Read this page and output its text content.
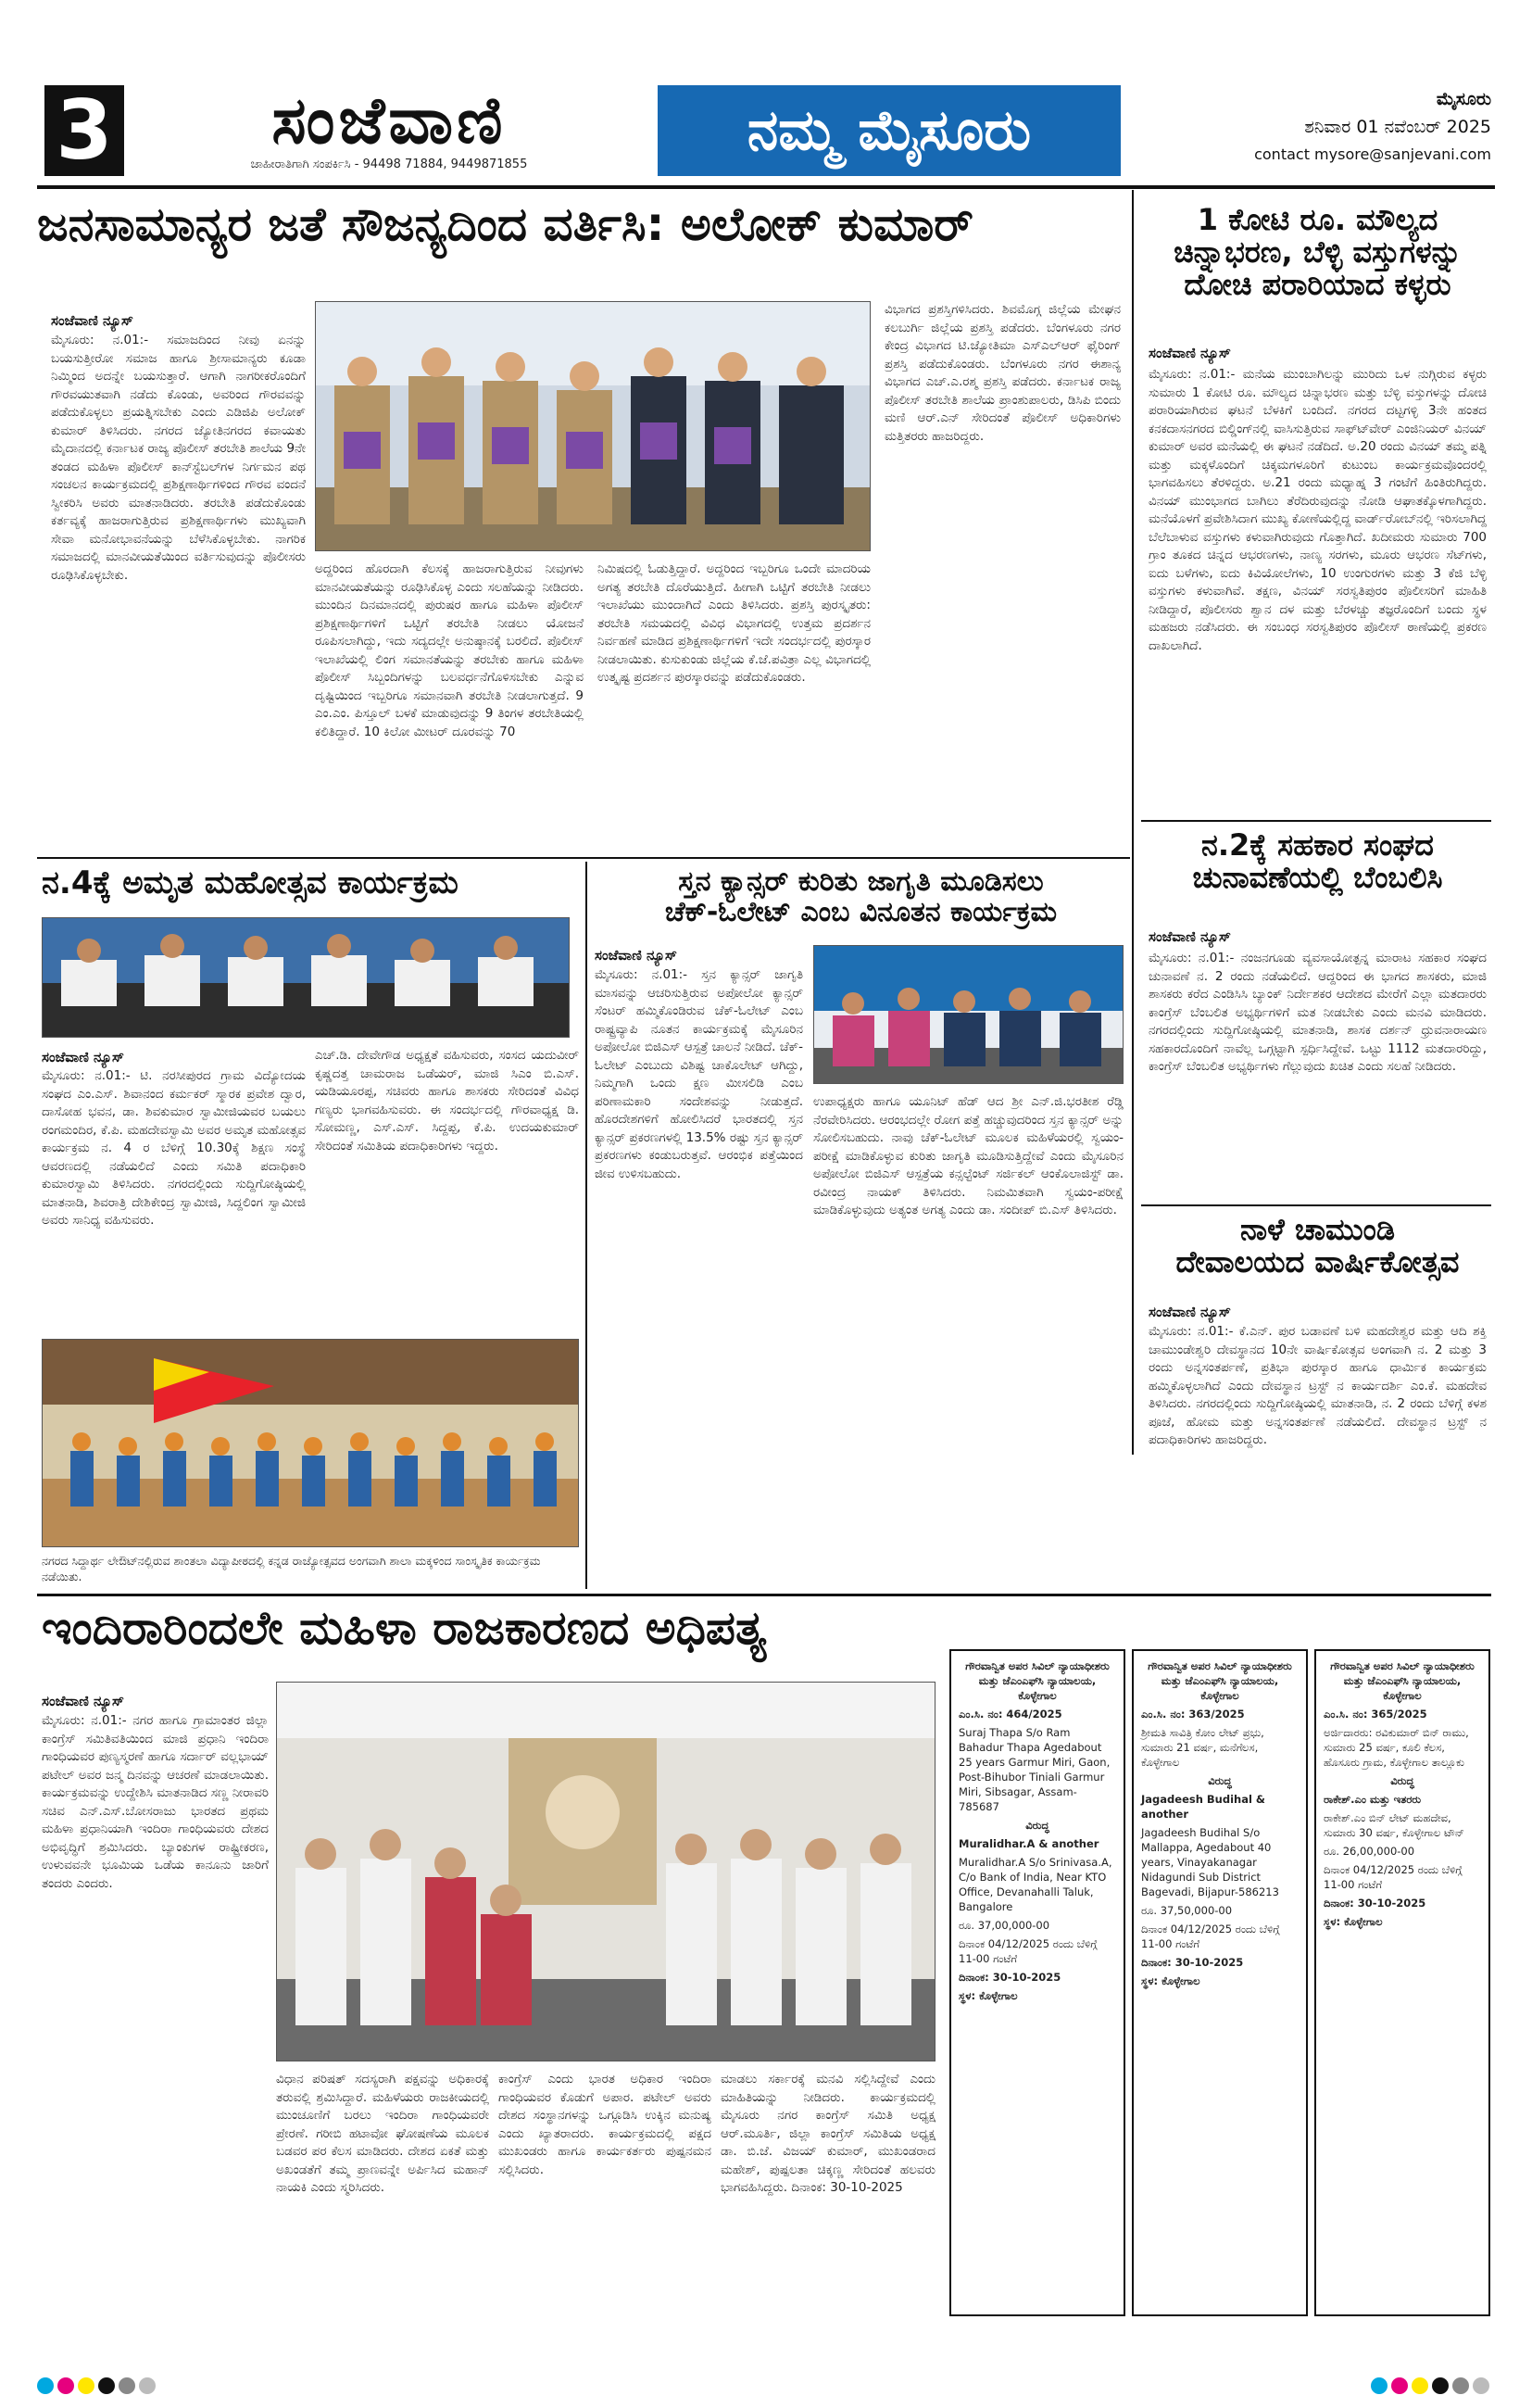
3	ಸಂಜೆವಾಣಿ
ಜಾಹೀರಾತಿಗಾಗಿ ಸಂಪರ್ಕಿಸಿ - 94498 71884, 9449871855
ನಮ್ಮ ಮೈಸೂರು	ಮೈಸೂರು
ಶನಿವಾರ 01 ನವೆಂಬರ್ 2025
contact mysore@sanjevani.com
ಜನಸಾಮಾನ್ಯರ ಜತೆ ಸೌಜನ್ಯದಿಂದ ವರ್ತಿಸಿ: ಅಲೋಕ್ ಕುಮಾರ್
ಸಂಜೆವಾಣಿ ನ್ಯೂಸ್
ಮೈಸೂರು: ನ.01:- ಸಮಾಜದಿಂದ ನೀವು ಏನನ್ನು ಬಯಸುತ್ತೀರೋ ಸಮಾಜ ಹಾಗೂ ಶ್ರೀಸಾಮಾನ್ಯರು ಕೂಡಾ ನಿಮ್ಮಿಂದ ಅದನ್ನೇ ಬಯಸುತ್ತಾರೆ. ಆಗಾಗಿ ನಾಗರೀಕರೊಂದಿಗೆ ಗೌರವಯುತವಾಗಿ ನಡೆದು ಕೊಂಡು, ಅವರಿಂದ ಗೌರವವನ್ನು ಪಡೆದುಕೊಳ್ಳಲು ಪ್ರಯತ್ನಿಸಬೇಕು ಎಂದು ಎಡಿಜಿಪಿ ಅಲೋಕ್ ಕುಮಾರ್ ತಿಳಿಸಿದರು. ನಗರದ ಜ್ಯೋತಿನಗರದ ಕವಾಯತು ಮೈದಾನದಲ್ಲಿ ಕರ್ನಾಟಕ ರಾಜ್ಯ ಪೊಲೀಸ್ ತರಬೇತಿ ಶಾಲೆಯ 9ನೇ ತಂಡದ ಮಹಿಳಾ ಪೊಲೀಸ್ ಕಾನ್‍ಸ್ಟೆಬಲ್‍ಗಳ ನಿರ್ಗಮನ ಪಥ ಸಂಚಲನ ಕಾರ್ಯಕ್ರಮದಲ್ಲಿ ಪ್ರಶಿಕ್ಷಣಾರ್ಥಿಗಳಿಂದ ಗೌರವ ವಂದನೆ ಸ್ವೀಕರಿಸಿ ಅವರು ಮಾತನಾಡಿದರು. ತರಬೇತಿ ಪಡೆದುಕೊಂಡು ಕರ್ತವ್ಯಕ್ಕೆ ಹಾಜರಾಗುತ್ತಿರುವ ಪ್ರಶಿಕ್ಷಣಾರ್ಥಿಗಳು ಮುಖ್ಯವಾಗಿ ಸೇವಾ ಮನೋಭಾವನೆಯನ್ನು ಬೆಳೆಸಿಕೊಳ್ಳಬೇಕು. ನಾಗರಿಕ ಸಮಾಜದಲ್ಲಿ ಮಾನವೀಯತೆಯಿಂದ ವರ್ತಿಸುವುದನ್ನು ಪೊಲೀಸರು ರೂಢಿಸಿಕೊಳ್ಳಬೇಕು.	ಅದ್ದರಿಂದ ಹೊರದಾಗಿ ಕೆಲಸಕ್ಕೆ ಹಾಜರಾಗುತ್ತಿರುವ ನೀವುಗಳು ಮಾನವೀಯತೆಯನ್ನು ರೂಢಿಸಿಕೊಳ್ಳ ಎಂದು ಸಲಹೆಯನ್ನು ನೀಡಿದರು. ಮುಂದಿನ ದಿನಮಾನದಲ್ಲಿ ಪುರುಷರ ಹಾಗೂ ಮಹಿಳಾ ಪೊಲೀಸ್ ಪ್ರಶಿಕ್ಷಣಾರ್ಥಿಗಳಿಗೆ ಒಟ್ಟಿಗೆ ತರಬೇತಿ ನೀಡಲು ಯೋಜನೆ ರೂಪಿಸಲಾಗಿದ್ದು, ಇದು ಸದ್ಯದಲ್ಲೇ ಅನುಷ್ಠಾನಕ್ಕೆ ಬರಲಿದೆ. ಪೊಲೀಸ್ ಇಲಾಖೆಯಲ್ಲಿ ಲಿಂಗ ಸಮಾನತೆಯನ್ನು ತರಬೇಕು ಹಾಗೂ ಮಹಿಳಾ ಪೊಲೀಸ್ ಸಿಬ್ಬಂದಿಗಳನ್ನು ಬಲವರ್ಧನೆಗೊಳಿಸಬೇಕು ಎನ್ನುವ ದೃಷ್ಟಿಯಿಂದ ಇಬ್ಬರಿಗೂ ಸಮಾನವಾಗಿ ತರಬೇತಿ ನೀಡಲಾಗುತ್ತದೆ. 9 ಎಂ.ಎಂ. ಪಿಸ್ತೂಲ್ ಬಳಕೆ ಮಾಡುವುದನ್ನು 9 ತಿಂಗಳ ತರಬೇತಿಯಲ್ಲಿ ಕಲಿತಿದ್ದಾರೆ. 10 ಕಿಲೋ ಮೀಟರ್ ದೂರವನ್ನು 70
ನಿಮಿಷದಲ್ಲಿ ಓಡುತ್ತಿದ್ದಾರೆ. ಅದ್ದರಿಂದ ಇಬ್ಬರಿಗೂ ಒಂದೇ ಮಾದರಿಯ ಅಗತ್ಯ ತರಬೇತಿ ದೊರೆಯುತ್ತಿದೆ. ಹೀಗಾಗಿ ಒಟ್ಟಿಗೆ ತರಬೇತಿ ನೀಡಲು ಇಲಾಖೆಯು ಮುಂದಾಗಿದೆ ಎಂದು ತಿಳಿಸಿದರು. ಪ್ರಶಸ್ತಿ ಪುರಸ್ಕೃತರು: ತರಬೇತಿ ಸಮಯದಲ್ಲಿ ವಿವಿಧ ವಿಭಾಗದಲ್ಲಿ ಉತ್ತಮ ಪ್ರದರ್ಶನ ನಿರ್ವಹಣೆ ಮಾಡಿದ ಪ್ರಶಿಕ್ಷಣಾರ್ಥಿಗಳಿಗೆ ಇದೇ ಸಂದರ್ಭದಲ್ಲಿ ಪುರಸ್ಕಾರ ನೀಡಲಾಯಿತು. ಕುಸುಕುಂಡು ಜಿಲ್ಲೆಯ ಕೆ.ಜೆ.ಪವಿತ್ರಾ ಎಲ್ಲ ವಿಭಾಗದಲ್ಲಿ ಉತ್ಕೃಷ್ಟ ಪ್ರದರ್ಶನ ಪುರಸ್ಕಾರವನ್ನು ಪಡೆದುಕೊಂಡರು.
ವಿಭಾಗದ ಪ್ರಶಸ್ತಿಗಳಿಸಿದರು. ಶಿವಮೊಗ್ಗ ಜಿಲ್ಲೆಯ ಮೇಘನ ಕಲಬುರ್ಗಿ ಜಿಲ್ಲೆಯ ಪ್ರಶಸ್ತಿ ಪಡೆದರು. ಬೆಂಗಳೂರು ನಗರ ಕೇಂದ್ರ ವಿಭಾಗದ ಟಿ.ಜ್ಯೋತಿಮಾ ಎಸ್‍ಎಲ್‍ಆರ್ ಫೈರಿಂಗ್ ಪ್ರಶಸ್ತಿ ಪಡೆದುಕೊಂಡರು. ಬೆಂಗಳೂರು ನಗರ ಈಶಾನ್ಯ ವಿಭಾಗದ ಎಚ್.ಎ.ರಶ್ಮ ಪ್ರಶಸ್ತಿ ಪಡೆದರು. ಕರ್ನಾಟಕ ರಾಜ್ಯ ಪೊಲೀಸ್ ತರಬೇತಿ ಶಾಲೆಯ ಪ್ರಾಂಶುಪಾಲರು, ಡಿಸಿಪಿ ಬಿಂದು ಮಣಿ ಆರ್.ಎನ್ ಸೇರಿದಂತೆ ಪೊಲೀಸ್ ಅಧಿಕಾರಿಗಳು ಮತ್ತಿತರರು ಹಾಜರಿದ್ದರು.
1 ಕೋಟಿ ರೂ. ಮೌಲ್ಯದ
ಚಿನ್ನಾಭರಣ, ಬೆಳ್ಳಿ ವಸ್ತುಗಳನ್ನು
ದೋಚಿ ಪರಾರಿಯಾದ ಕಳ್ಳರು
ಸಂಜೆವಾಣಿ ನ್ಯೂಸ್
ಮೈಸೂರು: ನ.01:- ಮನೆಯ ಮುಂಬಾಗಿಲನ್ನು ಮುರಿದು ಒಳ ನುಗ್ಗಿರುವ ಕಳ್ಳರು ಸುಮಾರು 1 ಕೋಟಿ ರೂ. ಮೌಲ್ಯದ ಚಿನ್ನಾಭರಣ ಮತ್ತು ಬೆಳ್ಳಿ ವಸ್ತುಗಳನ್ನು ದೋಚಿ ಪರಾರಿಯಾಗಿರುವ ಘಟನೆ ಬೆಳಕಿಗೆ ಬಂದಿದೆ. ನಗರದ ದಟ್ಟಗಳ್ಳಿ 3ನೇ ಹಂತದ ಕನಕದಾಸನಗರದ ಬಿಲ್ಡಿಂಗ್‍ನಲ್ಲಿ ವಾಸಿಸುತ್ತಿರುವ ಸಾಫ್ಟ್‍ವೇರ್ ಎಂಜಿನಿಯರ್ ವಿನಯ್ ಕುಮಾರ್ ಅವರ ಮನೆಯಲ್ಲಿ ಈ ಘಟನೆ ನಡೆದಿದೆ. ಅ.20 ರಂದು ವಿನಯ್ ತಮ್ಮ ಪತ್ನಿ ಮತ್ತು ಮಕ್ಕಳೊಂದಿಗೆ ಚಿಕ್ಕಮಗಳೂರಿಗೆ ಕುಟುಂಬ ಕಾರ್ಯಕ್ರಮವೊಂದರಲ್ಲಿ ಭಾಗವಹಿಸಲು ತೆರಳಿದ್ದರು. ಅ.21 ರಂದು ಮಧ್ಯಾಹ್ನ 3 ಗಂಟೆಗೆ ಹಿಂತಿರುಗಿದ್ದರು. ವಿನಯ್ ಮುಂಭಾಗದ ಬಾಗಿಲು ತೆರೆದಿರುವುದನ್ನು ನೋಡಿ ಆಘಾತಕ್ಕೊಳಗಾಗಿದ್ದರು. ಮನೆಯೊಳಗೆ ಪ್ರವೇಶಿಸಿದಾಗ ಮುಖ್ಯ ಕೋಣೆಯಲ್ಲಿದ್ದ ವಾರ್ಡ್‍ರೋಬ್‍ನಲ್ಲಿ ಇರಿಸಲಾಗಿದ್ದ ಬೆಲೆಬಾಳುವ ವಸ್ತುಗಳು ಕಳುವಾಗಿರುವುದು ಗೊತ್ತಾಗಿದೆ. ಖದೀಮರು ಸುಮಾರು 700 ಗ್ರಾಂ ತೂಕದ ಚಿನ್ನದ ಆಭರಣಗಳು, ನಾಣ್ಯ ಸರಗಳು, ಮೂರು ಆಭರಣ ಸೆಟ್‍ಗಳು, ಐದು ಬಳೆಗಳು, ಐದು ಕಿವಿಯೋಲೆಗಳು, 10 ಉಂಗುರಗಳು ಮತ್ತು 3 ಕೆಜಿ ಬೆಳ್ಳಿ ವಸ್ತುಗಳು ಕಳುವಾಗಿವೆ. ತಕ್ಷಣ, ವಿನಯ್ ಸರಸ್ವತಿಪುರಂ ಪೊಲೀಸರಿಗೆ ಮಾಹಿತಿ ನೀಡಿದ್ದಾರೆ, ಪೊಲೀಸರು ಶ್ವಾನ ದಳ ಮತ್ತು ಬೆರಳಚ್ಚು ತಜ್ಞರೊಂದಿಗೆ ಬಂದು ಸ್ಥಳ ಮಹಜರು ನಡೆಸಿದರು. ಈ ಸಂಬಂಧ ಸರಸ್ವತಿಪುರಂ ಪೊಲೀಸ್ ಠಾಣೆಯಲ್ಲಿ ಪ್ರಕರಣ ದಾಖಲಾಗಿದೆ.
ನ.2ಕ್ಕೆ ಸಹಕಾರ ಸಂಘದ
ಚುನಾವಣೆಯಲ್ಲಿ ಬೆಂಬಲಿಸಿ
ಸಂಜೆವಾಣಿ ನ್ಯೂಸ್
ಮೈಸೂರು: ನ.01:- ನಂಜನಗೂಡು ವ್ಯವಸಾಯೋತ್ಪನ್ನ ಮಾರಾಟ ಸಹಕಾರ ಸಂಘದ ಚುನಾವಣೆ ನ. 2 ರಂದು ನಡೆಯಲಿದೆ. ಆದ್ದರಿಂದ ಈ ಭಾಗದ ಶಾಸಕರು, ಮಾಜಿ ಶಾಸಕರು ಕರೆದ ಎಂಡಿಸಿಸಿ ಬ್ಯಾಂಕ್ ನಿರ್ದೇಶಕರ ಆದೇಶದ ಮೇರೆಗೆ ಎಲ್ಲಾ ಮತದಾರರು ಕಾಂಗ್ರೆಸ್ ಬೆಂಬಲಿತ ಅಭ್ಯರ್ಥಿಗಳಿಗೆ ಮತ ನೀಡಬೇಕು ಎಂದು ಮನವಿ ಮಾಡಿದರು. ನಗರದಲ್ಲಿಂದು ಸುದ್ದಿಗೋಷ್ಠಿಯಲ್ಲಿ ಮಾತನಾಡಿ, ಶಾಸಕ ದರ್ಶನ್ ಧ್ರುವನಾರಾಯಣ ಸಹಕಾರದೊಂದಿಗೆ ನಾವೆಲ್ಲ ಒಗ್ಗಟ್ಟಾಗಿ ಸ್ಪರ್ಧಿಸಿದ್ದೇವೆ. ಒಟ್ಟು 1112 ಮತದಾರರಿದ್ದು, ಕಾಂಗ್ರೆಸ್ ಬೆಂಬಲಿತ ಅಭ್ಯರ್ಥಿಗಳು ಗೆಲ್ಲುವುದು ಖಚಿತ ಎಂದು ಸಲಹೆ ನೀಡಿದರು.
ನಾಳೆ ಚಾಮುಂಡಿ
ದೇವಾಲಯದ ವಾರ್ಷಿಕೋತ್ಸವ
ಸಂಜೆವಾಣಿ ನ್ಯೂಸ್
ಮೈಸೂರು: ನ.01:- ಕೆ.ಎನ್. ಪುರ ಬಡಾವಣೆ ಬಳಿ ಮಹದೇಶ್ವರ ಮತ್ತು ಆದಿ ಶಕ್ತಿ ಚಾಮುಂಡೇಶ್ವರಿ ದೇವಸ್ಥಾನದ 10ನೇ ವಾರ್ಷಿಕೋತ್ಸವ ಅಂಗವಾಗಿ ನ. 2 ಮತ್ತು 3 ರಂದು ಅನ್ನಸಂತರ್ಪಣೆ, ಪ್ರತಿಭಾ ಪುರಸ್ಕಾರ ಹಾಗೂ ಧಾರ್ಮಿಕ ಕಾರ್ಯಕ್ರಮ ಹಮ್ಮಿಕೊಳ್ಳಲಾಗಿದೆ ಎಂದು ದೇವಸ್ಥಾನ ಟ್ರಸ್ಟ್ ನ ಕಾರ್ಯದರ್ಶಿ ಎಂ.ಕೆ. ಮಹದೇವ ತಿಳಿಸಿದರು. ನಗರದಲ್ಲಿಂದು ಸುದ್ದಿಗೋಷ್ಠಿಯಲ್ಲಿ ಮಾತನಾಡಿ, ನ. 2 ರಂದು ಬೆಳಿಗ್ಗೆ ಕಳಶ ಪೂಜೆ, ಹೋಮ ಮತ್ತು ಅನ್ನಸಂತರ್ಪಣೆ ನಡೆಯಲಿದೆ. ದೇವಸ್ಥಾನ ಟ್ರಸ್ಟ್ ನ ಪದಾಧಿಕಾರಿಗಳು ಹಾಜರಿದ್ದರು.
ನ.4ಕ್ಕೆ ಅಮೃತ ಮಹೋತ್ಸವ ಕಾರ್ಯಕ್ರಮ
ಸಂಜೆವಾಣಿ ನ್ಯೂಸ್
ಮೈಸೂರು: ನ.01:- ಟಿ. ನರಸೀಪುರದ ಗ್ರಾಮ ವಿದ್ಯೋದಯ ಸಂಘದ ಎಂ.ಎಸ್. ಶಿವಾನಂದ ಕರ್ಮಕರ್ ಸ್ಮಾರಕ ಪ್ರವೇಶ ದ್ವಾರ, ದಾಸೋಹ ಭವನ, ಡಾ. ಶಿವಕುಮಾರ ಸ್ವಾಮೀಜಿಯವರ ಬಯಲು ರಂಗಮಂದಿರ, ಕೆ.ಪಿ. ಮಹದೇವಸ್ವಾಮಿ ಅವರ ಅಮೃತ ಮಹೋತ್ಸವ ಕಾರ್ಯಕ್ರಮ ನ. 4 ರ ಬೆಳಿಗ್ಗೆ 10.30ಕ್ಕೆ ಶಿಕ್ಷಣ ಸಂಸ್ಥೆ ಆವರಣದಲ್ಲಿ ನಡೆಯಲಿದೆ ಎಂದು ಸಮಿತಿ ಪದಾಧಿಕಾರಿ ಕುಮಾರಸ್ವಾಮಿ ತಿಳಿಸಿದರು. ನಗರದಲ್ಲಿಂದು ಸುದ್ದಿಗೋಷ್ಠಿಯಲ್ಲಿ ಮಾತನಾಡಿ, ಶಿವರಾತ್ರಿ ದೇಶಿಕೇಂದ್ರ ಸ್ವಾಮೀಜಿ, ಸಿದ್ದಲಿಂಗ ಸ್ವಾಮೀಜಿ ಅವರು ಸಾನಿಧ್ಯ ವಹಿಸುವರು.
ಎಚ್.ಡಿ. ದೇವೇಗೌಡ ಅಧ್ಯಕ್ಷತೆ ವಹಿಸುವರು, ಸಂಸದ ಯದುವೀರ್ ಕೃಷ್ಣದತ್ತ ಚಾಮರಾಜ ಒಡೆಯರ್, ಮಾಜಿ ಸಿಎಂ ಬಿ.ಎಸ್. ಯಡಿಯೂರಪ್ಪ, ಸಚಿವರು ಹಾಗೂ ಶಾಸಕರು ಸೇರಿದಂತೆ ವಿವಿಧ ಗಣ್ಯರು ಭಾಗವಹಿಸುವರು. ಈ ಸಂದರ್ಭದಲ್ಲಿ ಗೌರವಾಧ್ಯಕ್ಷ ಡಿ. ಸೋಮಣ್ಣ, ಎಸ್.ಎಸ್. ಸಿದ್ದಪ್ಪ, ಕೆ.ಪಿ. ಉದಯಕುಮಾರ್ ಸೇರಿದಂತೆ ಸಮಿತಿಯ ಪದಾಧಿಕಾರಿಗಳು ಇದ್ದರು.
ನಗರದ ಸಿದ್ದಾರ್ಥ ಲೇಔಟ್‍ನಲ್ಲಿರುವ ಶಾಂತಲಾ ವಿದ್ಯಾಪೀಠದಲ್ಲಿ ಕನ್ನಡ ರಾಜ್ಯೋತ್ಸವದ ಅಂಗವಾಗಿ ಶಾಲಾ ಮಕ್ಕಳಿಂದ ಸಾಂಸ್ಕೃತಿಕ ಕಾರ್ಯಕ್ರಮ ನಡೆಯಿತು.
ಸ್ತನ ಕ್ಯಾನ್ಸರ್ ಕುರಿತು ಜಾಗೃತಿ ಮೂಡಿಸಲು
ಚೆಕ್-ಓಲೇಟ್ ಎಂಬ ವಿನೂತನ ಕಾರ್ಯಕ್ರಮ
ಸಂಜೆವಾಣಿ ನ್ಯೂಸ್
ಮೈಸೂರು: ನ.01:- ಸ್ತನ ಕ್ಯಾನ್ಸರ್ ಜಾಗೃತಿ ಮಾಸವನ್ನು ಆಚರಿಸುತ್ತಿರುವ ಅಪೋಲೋ ಕ್ಯಾನ್ಸರ್ ಸೆಂಟರ್ ಹಮ್ಮಿಕೊಂಡಿರುವ ಚೆಕ್-ಓಲೇಟ್ ಎಂಬ ರಾಷ್ಟ್ರವ್ಯಾಪಿ ನೂತನ ಕಾರ್ಯಕ್ರಮಕ್ಕೆ ಮೈಸೂರಿನ ಅಪೋಲೋ ಬಿಜಿಎಸ್ ಆಸ್ಪತ್ರೆ ಚಾಲನೆ ನೀಡಿದೆ. ಚೆಕ್-ಓಲೇಟ್ ಎಂಬುದು ವಿಶಿಷ್ಟ ಚಾಕೊಲೇಟ್ ಆಗಿದ್ದು, ನಿಮ್ಮಗಾಗಿ ಒಂದು ಕ್ಷಣ ಮೀಸಲಿಡಿ ಎಂಬ ಪರಿಣಾಮಕಾರಿ ಸಂದೇಶವನ್ನು ನೀಡುತ್ತದೆ. ಹೊರದೇಶಗಳಿಗೆ ಹೋಲಿಸಿದರೆ ಭಾರತದಲ್ಲಿ ಸ್ತನ ಕ್ಯಾನ್ಸರ್ ಪ್ರಕರಣಗಳಲ್ಲಿ 13.5% ರಷ್ಟು ಸ್ತನ ಕ್ಯಾನ್ಸರ್ ಪ್ರಕರಣಗಳು ಕಂಡುಬರುತ್ತವೆ. ಆರಂಭಿಕ ಪತ್ತೆಯಿಂದ ಜೀವ ಉಳಿಸಬಹುದು.
ಉಪಾಧ್ಯಕ್ಷರು ಹಾಗೂ ಯೂನಿಟ್ ಹೆಡ್ ಆದ ಶ್ರೀ ಎನ್.ಜಿ.ಭರತೀಶ ರೆಡ್ಡಿ ನೆರವೇರಿಸಿದರು. ಆರಂಭದಲ್ಲೇ ರೋಗ ಪತ್ತೆ ಹಚ್ಚುವುದರಿಂದ ಸ್ತನ ಕ್ಯಾನ್ಸರ್ ಅನ್ನು ಸೋಲಿಸಬಹುದು. ನಾವು ಚೆಕ್-ಓಲೇಟ್ ಮೂಲಕ ಮಹಿಳೆಯರಲ್ಲಿ ಸ್ವಯಂ-ಪರೀಕ್ಷೆ ಮಾಡಿಕೊಳ್ಳುವ ಕುರಿತು ಜಾಗೃತಿ ಮೂಡಿಸುತ್ತಿದ್ದೇವೆ ಎಂದು ಮೈಸೂರಿನ ಅಪೋಲೋ ಬಿಜಿಎಸ್ ಆಸ್ಪತ್ರೆಯ ಕನ್ಸಲ್ಟೆಂಟ್ ಸರ್ಜಿಕಲ್ ಆಂಕೊಲಾಜಿಸ್ಟ್ ಡಾ. ರವೀಂದ್ರ ನಾಯಕ್ ತಿಳಿಸಿದರು. ನಿಮಮಿತವಾಗಿ ಸ್ವಯಂ-ಪರೀಕ್ಷೆ ಮಾಡಿಕೊಳ್ಳುವುದು ಅತ್ಯಂತ ಅಗತ್ಯ ಎಂದು ಡಾ. ಸಂದೀಪ್ ಬಿ.ಎಸ್ ತಿಳಿಸಿದರು.
ಇಂದಿರಾರಿಂದಲೇ ಮಹಿಳಾ ರಾಜಕಾರಣದ ಅಧಿಪತ್ಯ
ಸಂಜೆವಾಣಿ ನ್ಯೂಸ್
ಮೈಸೂರು: ನ.01:- ನಗರ ಹಾಗೂ ಗ್ರಾಮಾಂತರ ಜಿಲ್ಲಾ ಕಾಂಗ್ರೆಸ್ ಸಮಿತಿವತಿಯಿಂದ ಮಾಜಿ ಪ್ರಧಾನಿ ಇಂದಿರಾ ಗಾಂಧಿಯವರ ಪುಣ್ಯಸ್ಮರಣೆ ಹಾಗೂ ಸರ್ದಾರ್ ವಲ್ಲಭಾಯ್ ಪಟೇಲ್ ಅವರ ಜನ್ಮ ದಿನವನ್ನು ಆಚರಣೆ ಮಾಡಲಾಯಿತು. ಕಾರ್ಯಕ್ರಮವನ್ನು ಉದ್ದೇಶಿಸಿ ಮಾತನಾಡಿದ ಸಣ್ಣ ನೀರಾವರಿ ಸಚಿವ ಎನ್.ಎಸ್.ಬೋಸರಾಜು ಭಾರತದ ಪ್ರಥಮ ಮಹಿಳಾ ಪ್ರಧಾನಿಯಾಗಿ ಇಂದಿರಾ ಗಾಂಧಿಯವರು ದೇಶದ ಅಭಿವೃದ್ಧಿಗೆ ಶ್ರಮಿಸಿದರು. ಬ್ಯಾಂಕುಗಳ ರಾಷ್ಟ್ರೀಕರಣ, ಉಳುವವನೇ ಭೂಮಿಯ ಒಡೆಯ ಕಾನೂನು ಜಾರಿಗೆ ತಂದರು ಎಂದರು.
ವಿಧಾನ ಪರಿಷತ್ ಸದಸ್ಯರಾಗಿ ಪಕ್ಷವನ್ನು ಅಧಿಕಾರಕ್ಕೆ ತರುವಲ್ಲಿ ಶ್ರಮಿಸಿದ್ದಾರೆ. ಮಹಿಳೆಯರು ರಾಜಕೀಯದಲ್ಲಿ ಮುಂಚೂಣಿಗೆ ಬರಲು ಇಂದಿರಾ ಗಾಂಧಿಯವರೇ ಪ್ರೇರಣೆ. ಗರೀಬಿ ಹಟಾವೋ ಘೋಷಣೆಯ ಮೂಲಕ ಬಡವರ ಪರ ಕೆಲಸ ಮಾಡಿದರು. ದೇಶದ ಏಕತೆ ಮತ್ತು ಅಖಂಡತೆಗೆ ತಮ್ಮ ಪ್ರಾಣವನ್ನೇ ಅರ್ಪಿಸಿದ ಮಹಾನ್ ನಾಯಕಿ ಎಂದು ಸ್ಮರಿಸಿದರು.
ಕಾಂಗ್ರೆಸ್ ಎಂದು ಭಾರತ ಅಧಿಕಾರ ಇಂದಿರಾ ಗಾಂಧಿಯವರ ಕೊಡುಗೆ ಅಪಾರ. ಪಟೇಲ್ ಅವರು ದೇಶದ ಸಂಸ್ಥಾನಗಳನ್ನು ಒಗ್ಗೂಡಿಸಿ ಉಕ್ಕಿನ ಮನುಷ್ಯ ಎಂದು ಖ್ಯಾತರಾದರು. ಕಾರ್ಯಕ್ರಮದಲ್ಲಿ ಪಕ್ಷದ ಮುಖಂಡರು ಹಾಗೂ ಕಾರ್ಯಕರ್ತರು ಪುಷ್ಪನಮನ ಸಲ್ಲಿಸಿದರು.
ಮಾಡಲು ಸರ್ಕಾರಕ್ಕೆ ಮನವಿ ಸಲ್ಲಿಸಿದ್ದೇವೆ ಎಂದು ಮಾಹಿತಿಯನ್ನು ನೀಡಿದರು. ಕಾರ್ಯಕ್ರಮದಲ್ಲಿ ಮೈಸೂರು ನಗರ ಕಾಂಗ್ರೆಸ್ ಸಮಿತಿ ಅಧ್ಯಕ್ಷ ಆರ್.ಮೂರ್ತಿ, ಜಿಲ್ಲಾ ಕಾಂಗ್ರೆಸ್ ಸಮಿತಿಯ ಅಧ್ಯಕ್ಷ ಡಾ. ಬಿ.ಜೆ. ವಿಜಯ್ ಕುಮಾರ್, ಮುಖಂಡರಾದ ಮಹೇಶ್, ಪುಷ್ಪಲತಾ ಚಿಕ್ಕಣ್ಣ ಸೇರಿದಂತೆ ಹಲವರು ಭಾಗವಹಿಸಿದ್ದರು. ದಿನಾಂಕ: 30-10-2025

ಗೌರವಾನ್ವಿತ ಅಪರ ಸಿವಿಲ್ ನ್ಯಾಯಾಧೀಶರು ಮತ್ತು ಜೆಎಂಎಫ್‍ಸಿ ನ್ಯಾಯಾಲಯ, ಕೊಳ್ಳೇಗಾಲ

ಎಂ.ಸಿ. ನಂ: 464/2025

Suraj Thapa S/o Ram Bahadur Thapa Agedabout 25 years Garmur Miri, Gaon, Post-Bihubor Tiniali Garmur Miri, Sibsagar, Assam-785687

ವಿರುದ್ಧ

Muralidhar.A & another

Muralidhar.A S/o Srinivasa.A, C/o Bank of India, Near KTO Office, Devanahalli Taluk, Bangalore

ರೂ. 37,00,000-00

ದಿನಾಂಕ 04/12/2025 ರಂದು ಬೆಳಿಗ್ಗೆ 11-00 ಗಂಟೆಗೆ

ದಿನಾಂಕ: 30-10-2025

ಸ್ಥಳ: ಕೊಳ್ಳೇಗಾಲ

ಗೌರವಾನ್ವಿತ ಅಪರ ಸಿವಿಲ್ ನ್ಯಾಯಾಧೀಶರು ಮತ್ತು ಜೆಎಂಎಫ್‍ಸಿ ನ್ಯಾಯಾಲಯ, ಕೊಳ್ಳೇಗಾಲ

ಎಂ.ಸಿ. ನಂ: 363/2025

ಶ್ರೀಮತಿ ಸಾವಿತ್ರಿ ಕೋಂ ಲೇಟ್ ಪ್ರಭು, ಸುಮಾರು 21 ವರ್ಷ, ಮನೆಗೆಲಸ, ಕೊಳ್ಳೇಗಾಲ

ವಿರುದ್ಧ

Jagadeesh Budihal & another

Jagadeesh Budihal S/o Mallappa, Agedabout 40 years, Vinayakanagar Nidagundi Sub District Bagevadi, Bijapur-586213

ರೂ. 37,50,000-00

ದಿನಾಂಕ 04/12/2025 ರಂದು ಬೆಳಿಗ್ಗೆ 11-00 ಗಂಟೆಗೆ

ದಿನಾಂಕ: 30-10-2025

ಸ್ಥಳ: ಕೊಳ್ಳೇಗಾಲ

ಗೌರವಾನ್ವಿತ ಅಪರ ಸಿವಿಲ್ ನ್ಯಾಯಾಧೀಶರು ಮತ್ತು ಜೆಎಂಎಫ್‍ಸಿ ನ್ಯಾಯಾಲಯ, ಕೊಳ್ಳೇಗಾಲ

ಎಂ.ಸಿ. ನಂ: 365/2025

ಅರ್ಜಿದಾರರು: ರವಿಕುಮಾರ್ ಬಿನ್ ರಾಮು, ಸುಮಾರು 25 ವರ್ಷ, ಕೂಲಿ ಕೆಲಸ, ಹೊಸೂರು ಗ್ರಾಮ, ಕೊಳ್ಳೇಗಾಲ ತಾಲ್ಲೂಕು

ವಿರುದ್ಧ

ರಾಕೇಶ್.ಎಂ ಮತ್ತು ಇತರರು

ರಾಕೇಶ್.ಎಂ ಬಿನ್ ಲೇಟ್ ಮಹದೇವ, ಸುಮಾರು 30 ವರ್ಷ, ಕೊಳ್ಳೇಗಾಲ ಟೌನ್

ರೂ. 26,00,000-00

ದಿನಾಂಕ 04/12/2025 ರಂದು ಬೆಳಿಗ್ಗೆ 11-00 ಗಂಟೆಗೆ

ದಿನಾಂಕ: 30-10-2025

ಸ್ಥಳ: ಕೊಳ್ಳೇಗಾಲ
